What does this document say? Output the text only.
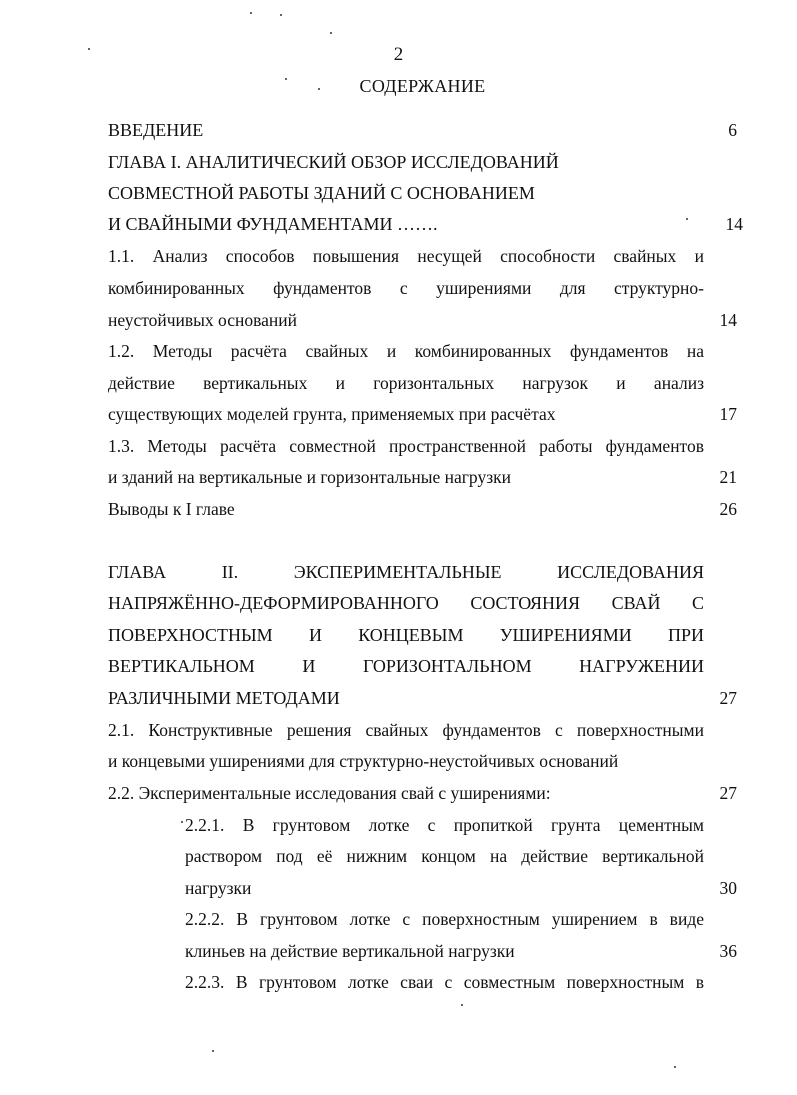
2
СОДЕРЖАНИЕ
ВВЕДЕНИЕ
ГЛАВА I. АНАЛИТИЧЕСКИЙ ОБЗОР ИССЛЕДОВАНИЙ
СОВМЕСТНОЙ РАБОТЫ ЗДАНИЙ С ОСНОВАНИЕМ
И СВАЙНЫМИ ФУНДАМЕНТАМИ …….
1.1. Анализ способов повышения несущей способности свайных и
комбинированных фундаментов с уширениями для структурно-
неустойчивых оснований
1.2. Методы расчёта свайных и комбинированных фундаментов на
действие вертикальных и горизонтальных нагрузок и анализ
существующих моделей грунта, применяемых при расчётах
1.3. Методы расчёта совместной пространственной работы фундаментов
и зданий на вертикальные и горизонтальные нагрузки
Выводы к I главе
ГЛАВА II. ЭКСПЕРИМЕНТАЛЬНЫЕ ИССЛЕДОВАНИЯ
НАПРЯЖЁННО-ДЕФОРМИРОВАННОГО СОСТОЯНИЯ СВАЙ С
ПОВЕРХНОСТНЫМ И КОНЦЕВЫМ УШИРЕНИЯМИ ПРИ
ВЕРТИКАЛЬНОМ И ГОРИЗОНТАЛЬНОМ НАГРУЖЕНИИ
РАЗЛИЧНЫМИ МЕТОДАМИ
2.1. Конструктивные решения свайных фундаментов с поверхностными
и концевыми уширениями для структурно-неустойчивых оснований
2.2. Экспериментальные исследования свай с уширениями:
2.2.1. В грунтовом лотке с пропиткой грунта цементным
раствором под её нижним концом на действие вертикальной
нагрузки
2.2.2. В грунтовом лотке с поверхностным уширением в виде
клиньев на действие вертикальной нагрузки
2.2.3. В грунтовом лотке сваи с совместным поверхностным в
6
14
14
17
21
26
27
27
30
36
